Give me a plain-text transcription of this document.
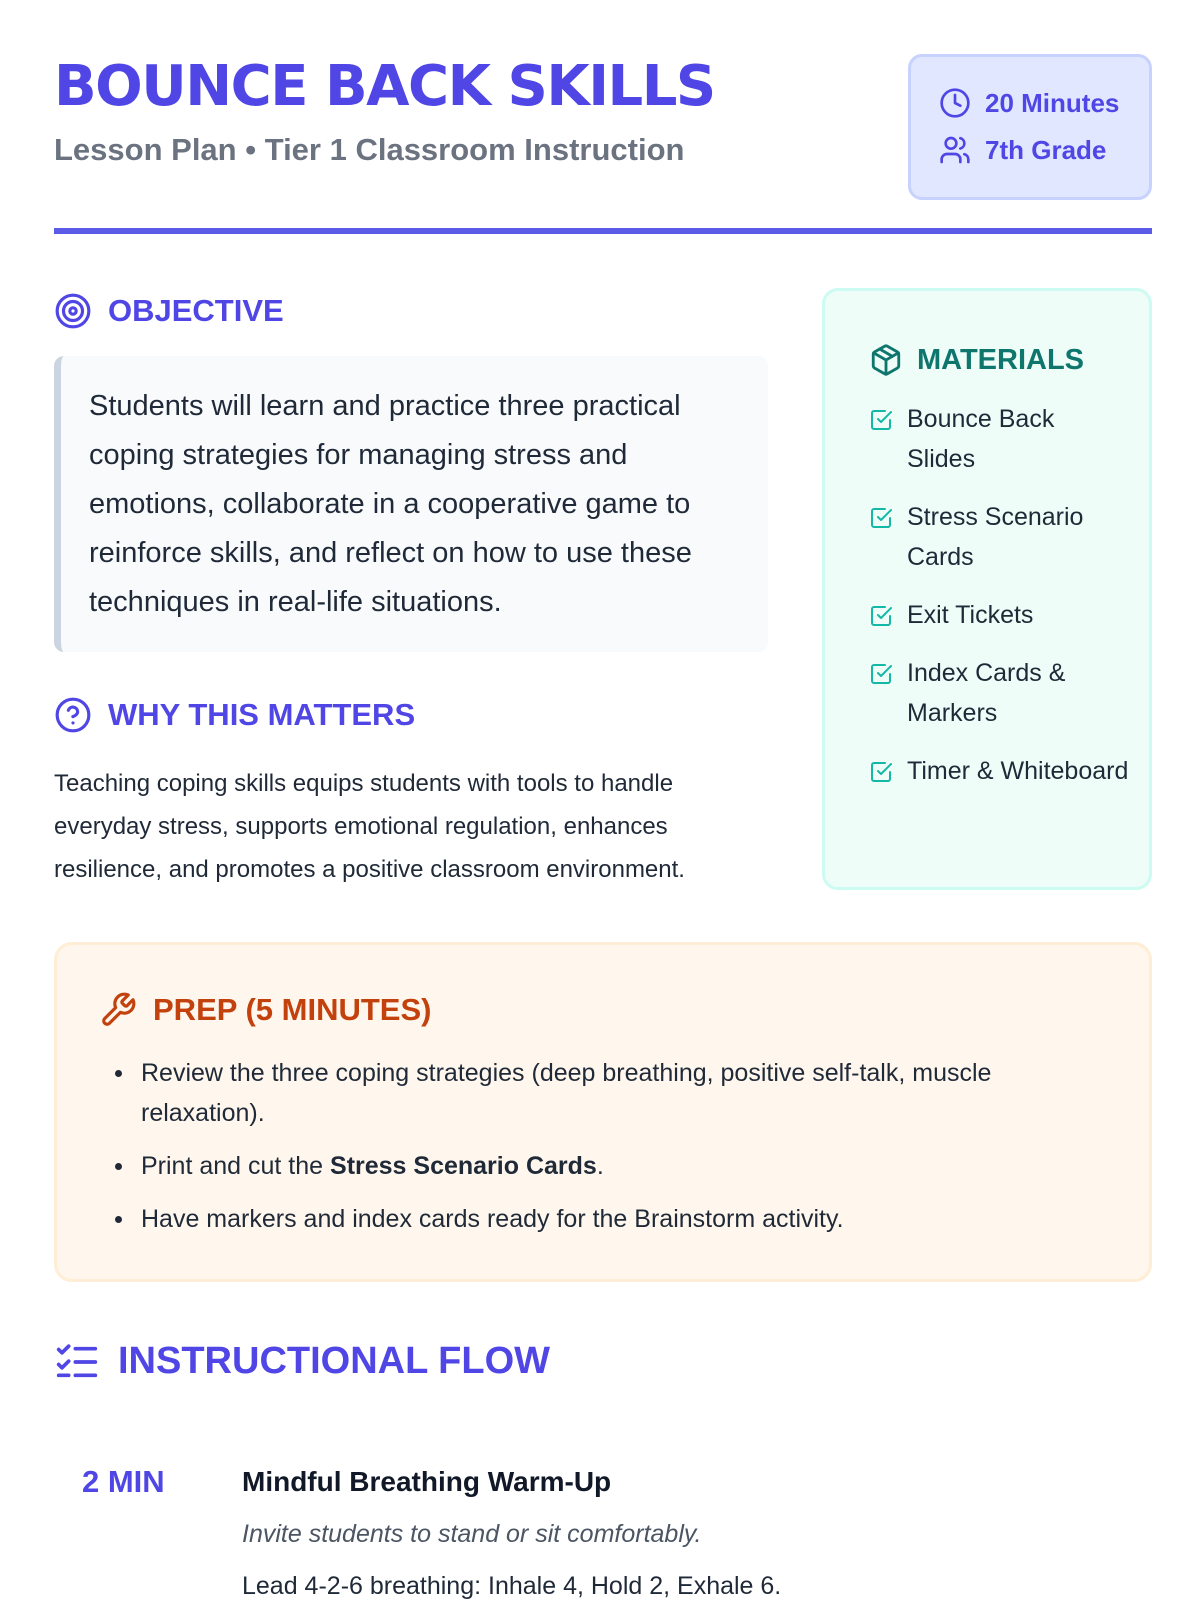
BOUNCE BACK SKILLS
Lesson Plan • Tier 1 Classroom Instruction
20 Minutes
7th Grade
OBJECTIVE
Students will learn and practice three practical coping strategies for managing stress and emotions, collaborate in a cooperative game to reinforce skills, and reflect on how to use these techniques in real-life situations.
WHY THIS MATTERS
Teaching coping skills equips students with tools to handle everyday stress, supports emotional regulation, enhances resilience, and promotes a positive classroom environment.
MATERIALS
Bounce Back Slides
Stress Scenario Cards
Exit Tickets
Index Cards & Markers
Timer & Whiteboard
PREP (5 MINUTES)
Review the three coping strategies (deep breathing, positive self-talk, muscle relaxation).
Print and cut the Stress Scenario Cards.
Have markers and index cards ready for the Brainstorm activity.
INSTRUCTIONAL FLOW
2 MIN	Mindful Breathing Warm-Up
Invite students to stand or sit comfortably.
Lead 4-2-6 breathing: Inhale 4, Hold 2, Exhale 6.
